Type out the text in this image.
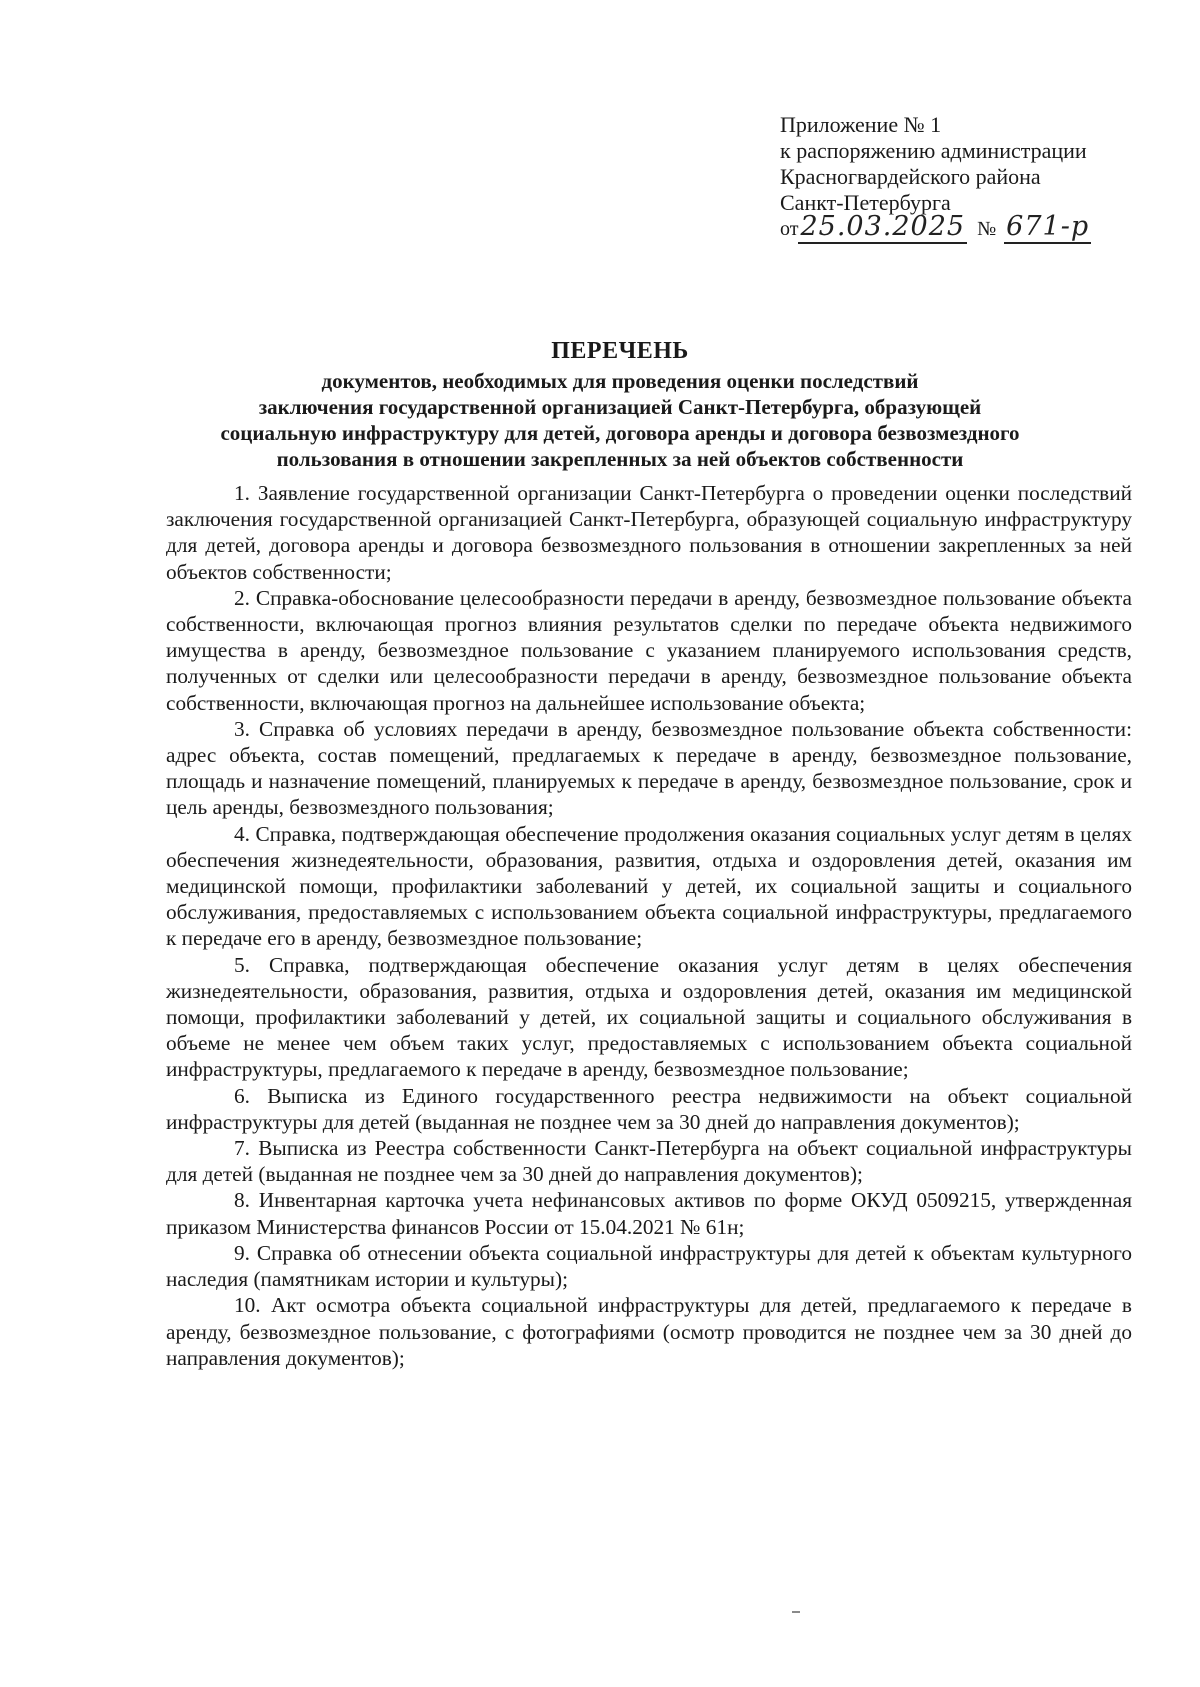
Приложение № 1
к распоряжению администрации
Красногвардейского района
Санкт-Петербурга
от25.03.2025 № 671-р
ПЕРЕЧЕНЬ
документов, необходимых для проведения оценки последствий
заключения государственной организацией Санкт-Петербурга, образующей
социальную инфраструктуру для детей, договора аренды и договора безвозмездного
пользования в отношении закрепленных за ней объектов собственности

1. Заявление государственной организации Санкт-Петербурга о проведении оценки последствий заключения государственной организацией Санкт-Петербурга, образующей социальную инфраструктуру для детей, договора аренды и договора безвозмездного пользования в отношении закрепленных за ней объектов собственности;

2. Справка-обоснование целесообразности передачи в аренду, безвозмездное пользование объекта собственности, включающая прогноз влияния результатов сделки по передаче объекта недвижимого имущества в аренду, безвозмездное пользование с указанием планируемого использования средств, полученных от сделки или целесообразности передачи в аренду, безвозмездное пользование объекта собственности, включающая прогноз на дальнейшее использование объекта;

3. Справка об условиях передачи в аренду, безвозмездное пользование объекта собственности: адрес объекта, состав помещений, предлагаемых к передаче в аренду, безвозмездное пользование, площадь и назначение помещений, планируемых к передаче в аренду, безвозмездное пользование, срок и цель аренды, безвозмездного пользования;

4. Справка, подтверждающая обеспечение продолжения оказания социальных услуг детям в целях обеспечения жизнедеятельности, образования, развития, отдыха и оздоровления детей, оказания им медицинской помощи, профилактики заболеваний у детей, их социальной защиты и социального обслуживания, предоставляемых с использованием объекта социальной инфраструктуры, предлагаемого к передаче его в аренду, безвозмездное пользование;

5. Справка, подтверждающая обеспечение оказания услуг детям в целях обеспечения жизнедеятельности, образования, развития, отдыха и оздоровления детей, оказания им медицинской помощи, профилактики заболеваний у детей, их социальной защиты и социального обслуживания в объеме не менее чем объем таких услуг, предоставляемых с использованием объекта социальной инфраструктуры, предлагаемого к передаче в аренду, безвозмездное пользование;

6. Выписка из Единого государственного реестра недвижимости на объект социальной инфраструктуры для детей (выданная не позднее чем за 30 дней до направления документов);

7. Выписка из Реестра собственности Санкт-Петербурга на объект социальной инфраструктуры для детей (выданная не позднее чем за 30 дней до направления документов);

8. Инвентарная карточка учета нефинансовых активов по форме ОКУД 0509215, утвержденная приказом Министерства финансов России от 15.04.2021 № 61н;

9. Справка об отнесении объекта социальной инфраструктуры для детей к объектам культурного наследия (памятникам истории и культуры);

10. Акт осмотра объекта социальной инфраструктуры для детей, предлагаемого к передаче в аренду, безвозмездное пользование, с фотографиями (осмотр проводится не позднее чем за 30 дней до направления документов);
